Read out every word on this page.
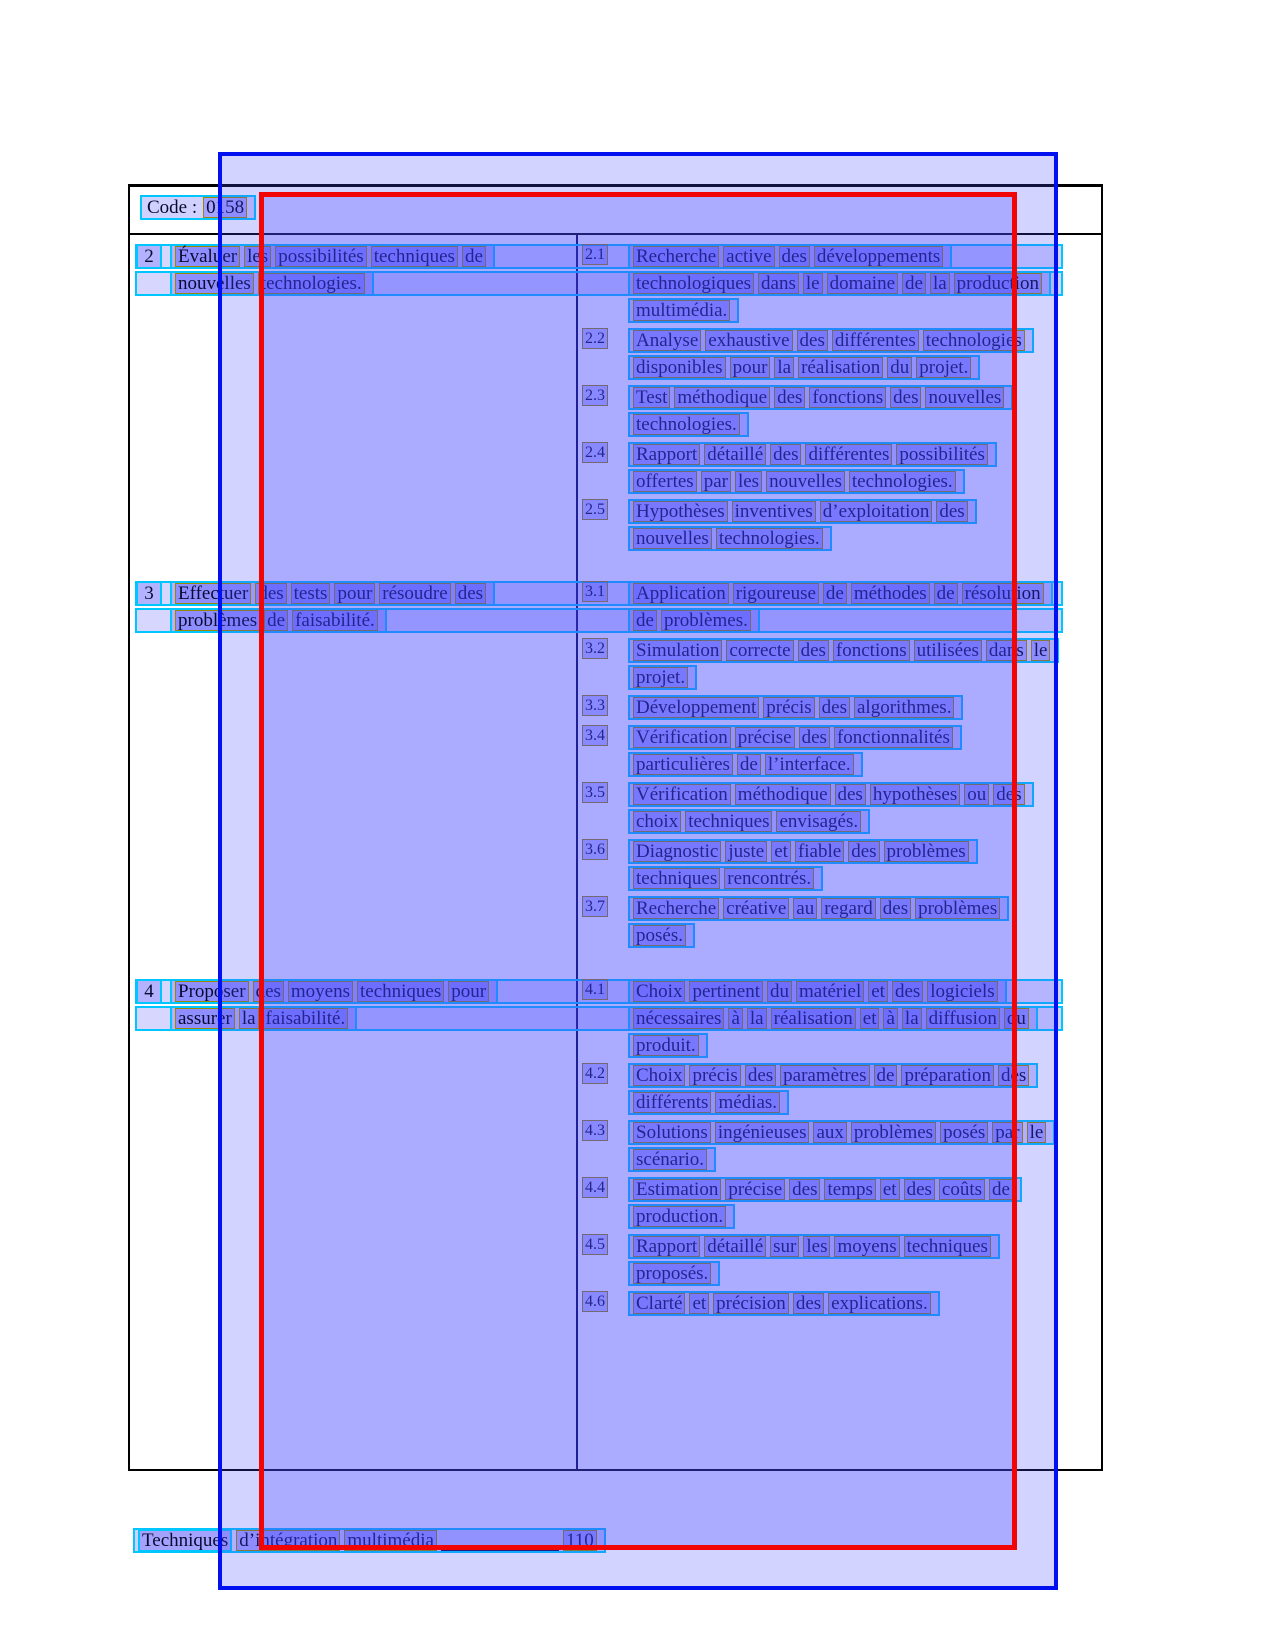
Code : 0158
2	Évaluer les possibilités techniques de
nouvelles technologies.
2.1	Recherche active des développements
technologiques dans le domaine de la production
multimédia.
2.2	Analyse exhaustive des différentes technologies
disponibles pour la réalisation du projet.
2.3	Test méthodique des fonctions des nouvelles
technologies.
2.4	Rapport détaillé des différentes possibilités
offertes par les nouvelles technologies.
2.5	Hypothèses inventives d’exploitation des
nouvelles technologies.
3	Effectuer des tests pour résoudre des
problèmes de faisabilité.
3.1	Application rigoureuse de méthodes de résolution
de problèmes.
3.2	Simulation correcte des fonctions utilisées dans le
projet.
3.3	Développement précis des algorithmes.
3.4	Vérification précise des fonctionnalités
particulières de l’interface.
3.5	Vérification méthodique des hypothèses ou des
choix techniques envisagés.
3.6	Diagnostic juste et fiable des problèmes
techniques rencontrés.
3.7	Recherche créative au regard des problèmes
posés.
4	Proposer des moyens techniques pour
assurer la faisabilité.
4.1	Choix pertinent du matériel et des logiciels
nécessaires à la réalisation et à la diffusion du
produit.
4.2	Choix précis des paramètres de préparation des
différents médias.
4.3	Solutions ingénieuses aux problèmes posés par le
scénario.
4.4	Estimation précise des temps et des coûts de
production.
4.5	Rapport détaillé sur les moyens techniques
proposés.
4.6	Clarté et précision des explications.
Techniques d’intégration multimédia	110
